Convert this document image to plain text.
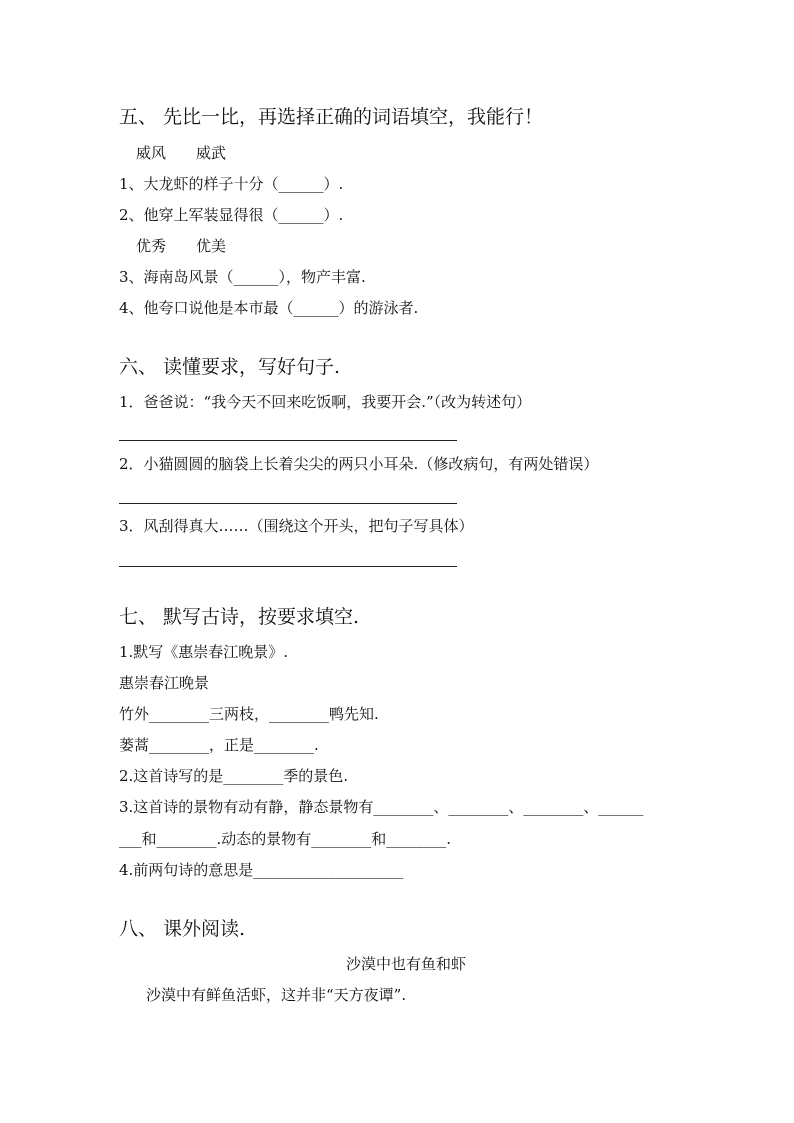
五、 先比一比，再选择正确的词语填空，我能行！
威风　　威武
1、大龙虾的样子十分（______）.
2、他穿上军装显得很（______）.
优秀　　优美
3、海南岛风景（______），物产丰富.
4、他夸口说他是本市最（______）的游泳者.
六、 读懂要求，写好句子.
1．爸爸说：“我今天不回来吃饭啊，我要开会.”（改为转述句）
2．小猫圆圆的脑袋上长着尖尖的两只小耳朵.（修改病句，有两处错误）
3．风刮得真大……（围绕这个开头，把句子写具体）
七、 默写古诗，按要求填空.
1.默写《惠崇春江晚景》.
惠崇春江晚景
竹外________三两枝，________鸭先知.
蒌蒿________，正是________.
2.这首诗写的是________季的景色.
3.这首诗的景物有动有静，静态景物有________、________、________、______
___和________.动态的景物有________和________.
4.前两句诗的意思是____________________
八、 课外阅读.
沙漠中也有鱼和虾
沙漠中有鲜鱼活虾，这并非“天方夜谭”.
